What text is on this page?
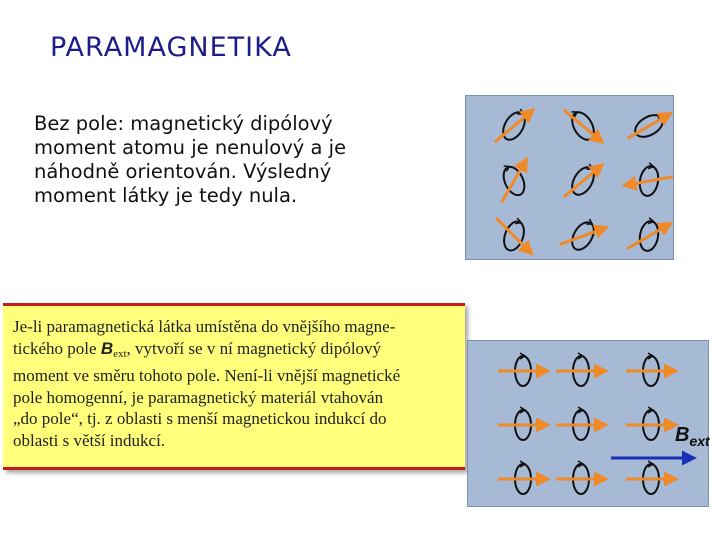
PARAMAGNETIKA
Bez pole: magnetický dipólový
moment atomu je nenulový a je
náhodně orientován. Výsledný
moment látky je tedy nula.

Je-li paramagnetická látka umístěna do vnějšího magne-
tického pole Bext, vytvoří se v ní magnetický dipólový
moment ve směru tohoto pole. Není-li vnější magnetické
pole homogenní, je paramagnetický materiál vtahován
„do pole“, tj. z oblasti s menší magnetickou indukcí do
oblasti s větší indukcí.	$B_{ext}$
